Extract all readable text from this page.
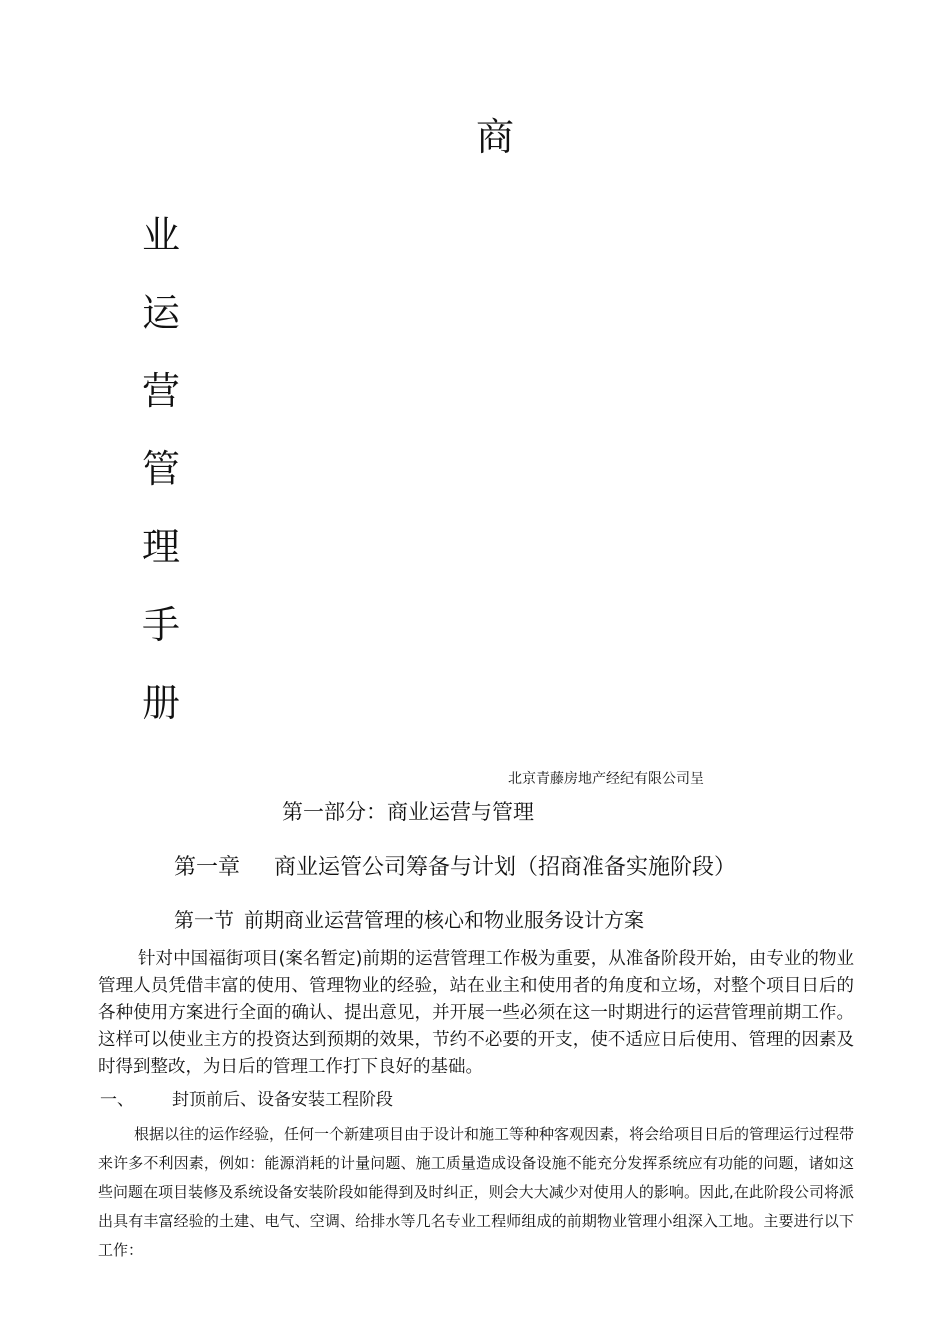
商
业
运
营
管
理
手
册
北京青藤房地产经纪有限公司呈
第一部分：商业运营与管理
第一章 商业运管公司筹备与计划（招商准备实施阶段）
第一节 前期商业运营管理的核心和物业服务设计方案

针对中国福街项目(案名暂定)前期的运营管理工作极为重要，从准备阶段开始，由专业的物业管理人员凭借丰富的使用、管理物业的经验，站在业主和使用者的角度和立场，对整个项目日后的各种使用方案进行全面的确认、提出意见，并开展一些必须在这一时期进行的运营管理前期工作。这样可以使业主方的投资达到预期的效果，节约不必要的开支，使不适应日后使用、管理的因素及时得到整改，为日后的管理工作打下良好的基础。

一、 封顶前后、设备安装工程阶段

根据以往的运作经验，任何一个新建项目由于设计和施工等种种客观因素，将会给项目日后的管理运行过程带来许多不利因素，例如：能源消耗的计量问题、施工质量造成设备设施不能充分发挥系统应有功能的问题，诸如这些问题在项目装修及系统设备安装阶段如能得到及时纠正，则会大大减少对使用人的影响。因此,在此阶段公司将派出具有丰富经验的土建、电气、空调、给排水等几名专业工程师组成的前期物业管理小组深入工地。主要进行以下工作：
